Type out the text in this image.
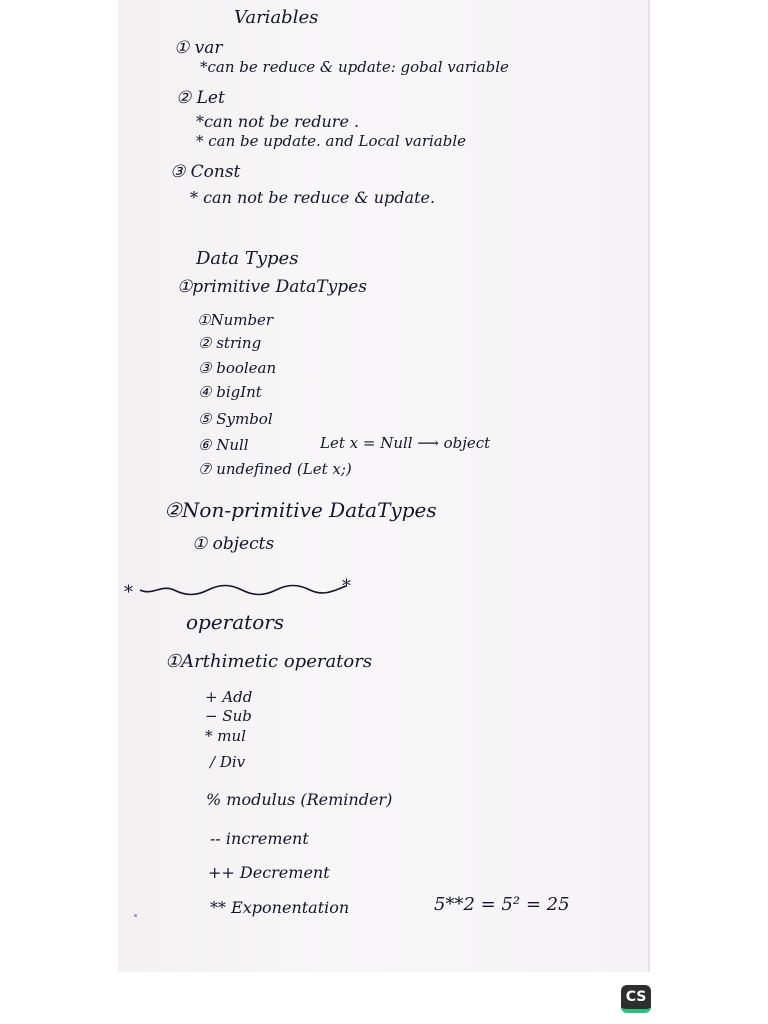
Variables
① var
*can be reduce & update: gobal variable
② Let
*can not be redure .
* can be update. and Local variable
③ Const
* can not be reduce & update.
Data Types
①primitive DataTypes
①Number
② string
③ boolean
④ bigInt
⑤ Symbol
⑥ Null	Let x = Null ⟶ object
⑦ undefined (Let x;)
②Non-primitive DataTypes
① objects
*	*
operators
①Arthimetic operators
+ Add
− Sub
* mul
/ Div
% modulus (Reminder)
-- increment
++ Decrement
** Exponentation	5**2 = 5² = 25
CS
